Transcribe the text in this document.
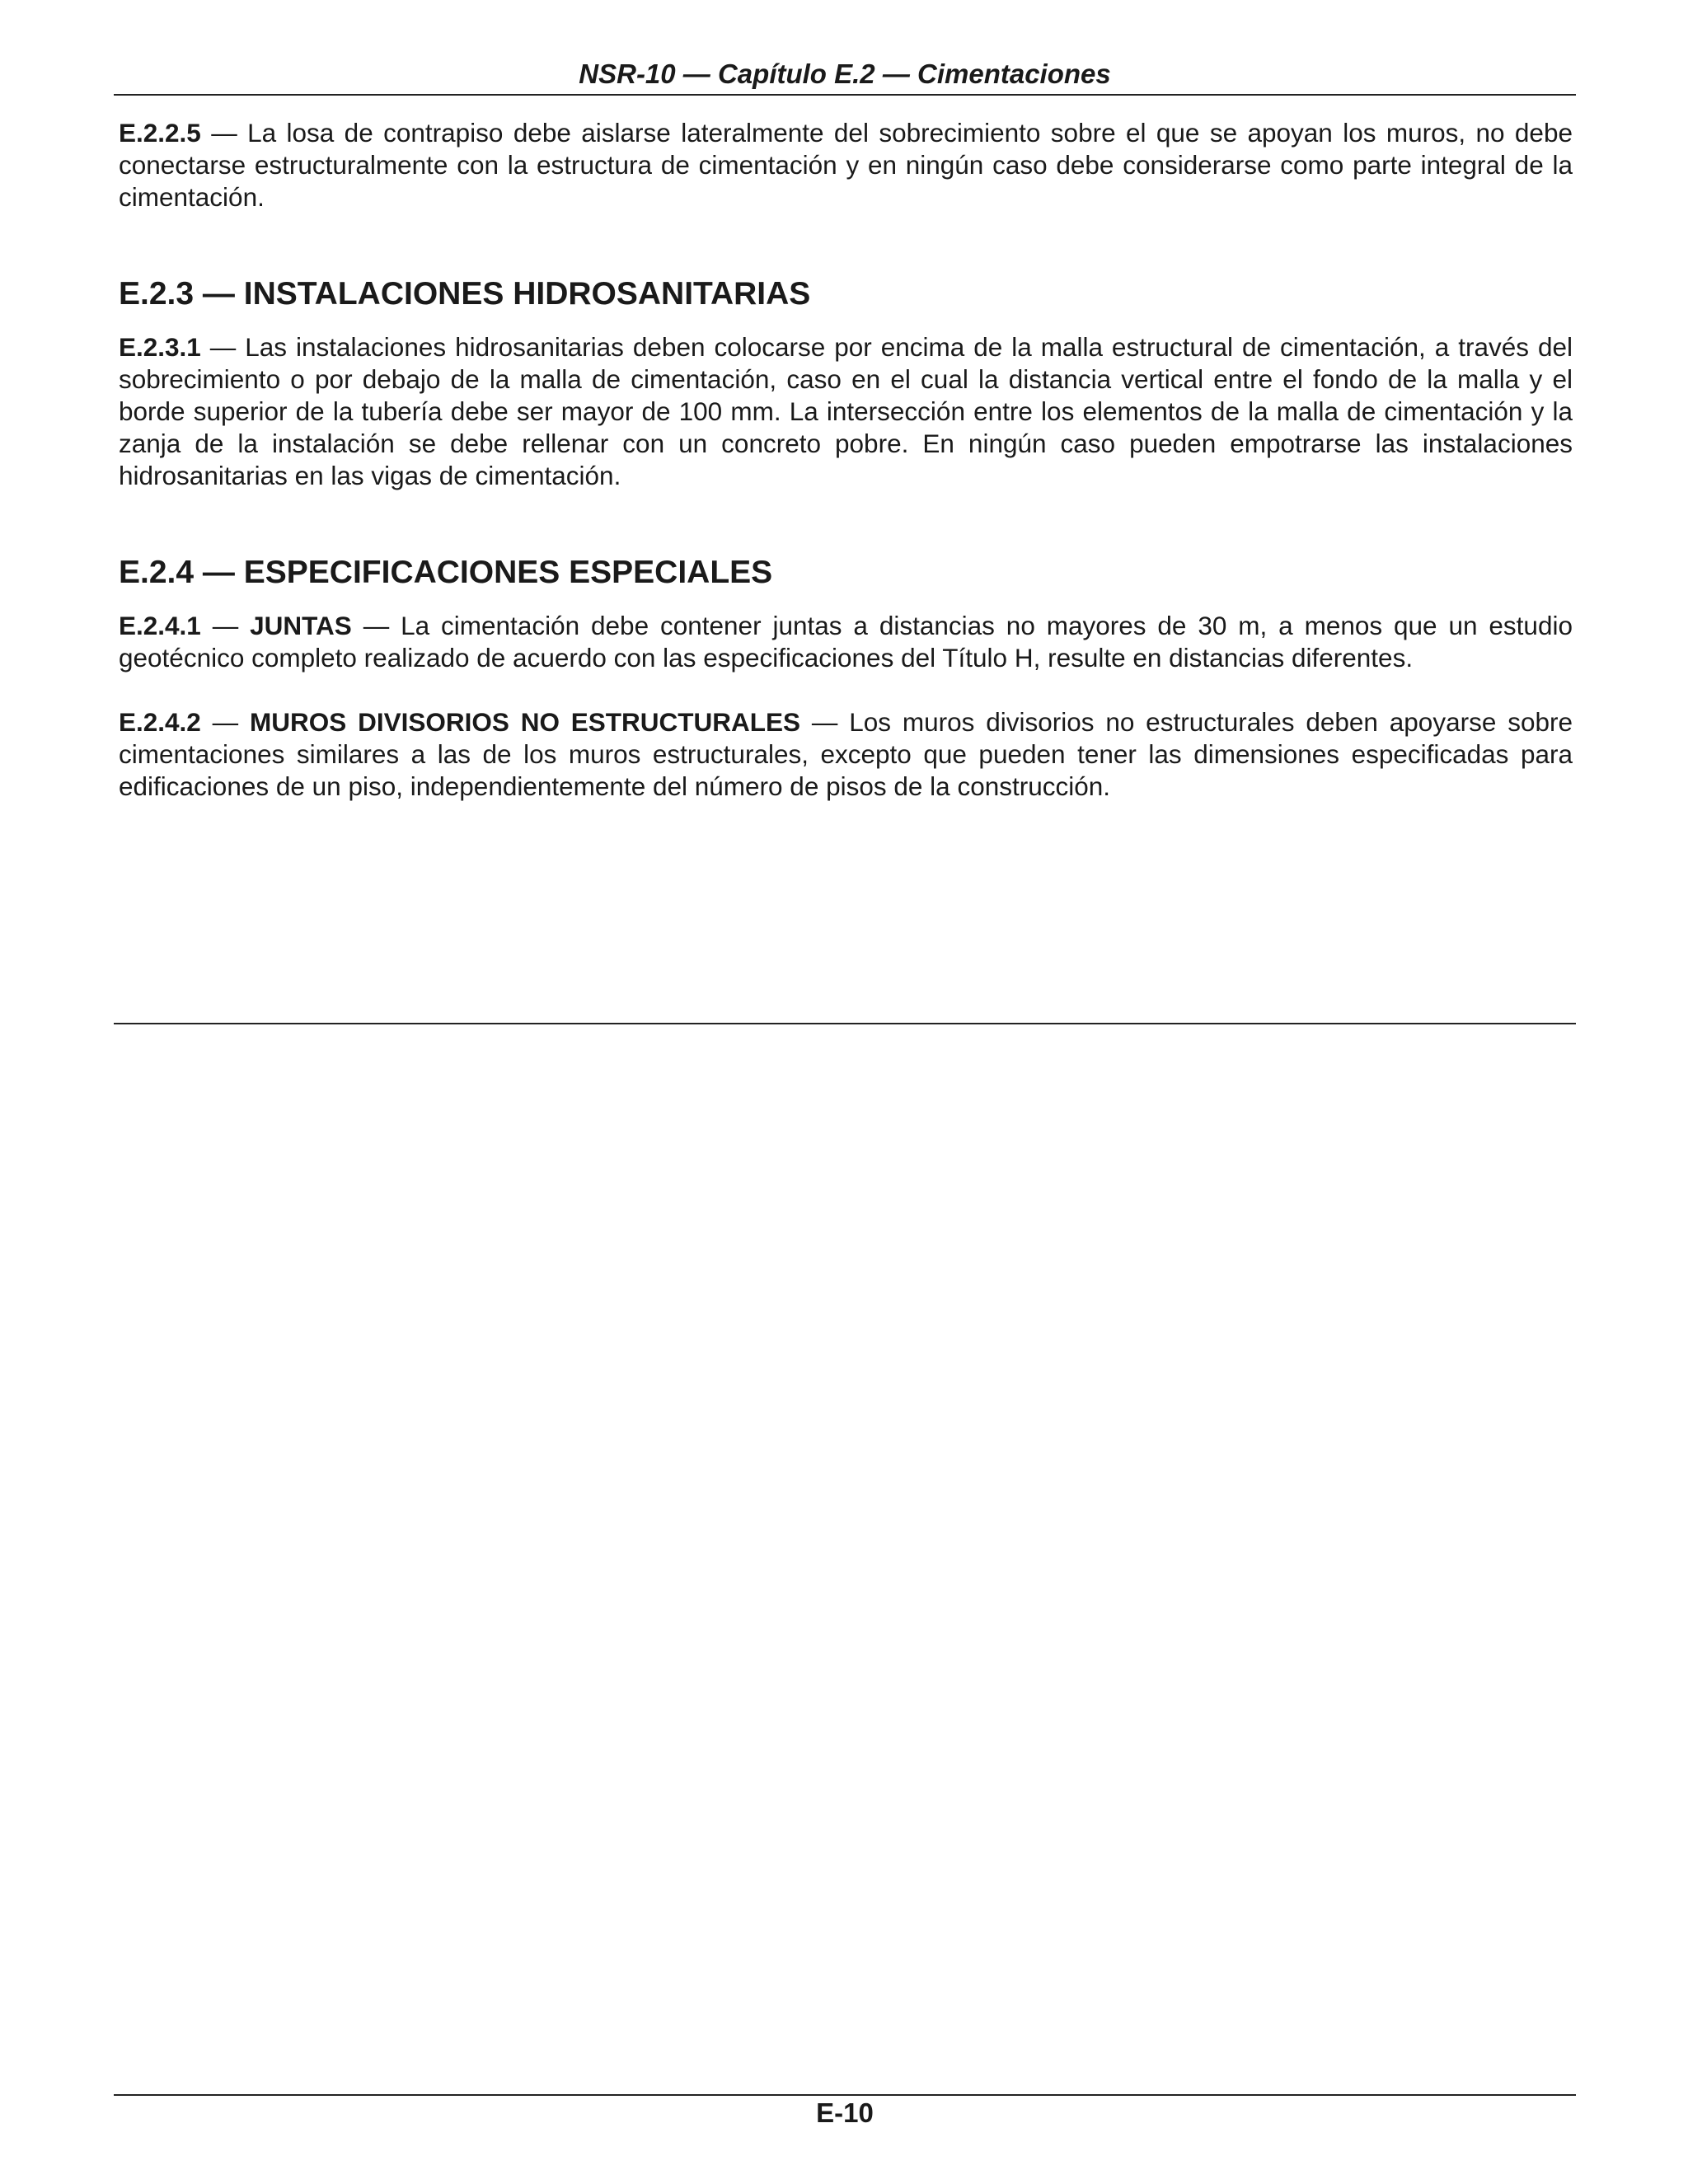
NSR-10 — Capítulo E.2 — Cimentaciones

E.2.2.5 — La losa de contrapiso debe aislarse lateralmente del sobrecimiento sobre el que se apoyan los muros, no debe conectarse estructuralmente con la estructura de cimentación y en ningún caso debe considerarse como parte integral de la cimentación.

E.2.3 — INSTALACIONES HIDROSANITARIAS

E.2.3.1 — Las instalaciones hidrosanitarias deben colocarse por encima de la malla estructural de cimentación, a través del sobrecimiento o por debajo de la malla de cimentación, caso en el cual la distancia vertical entre el fondo de la malla y el borde superior de la tubería debe ser mayor de 100 mm. La intersección entre los elementos de la malla de cimentación y la zanja de la instalación se debe rellenar con un concreto pobre. En ningún caso pueden empotrarse las instalaciones hidrosanitarias en las vigas de cimentación.

E.2.4 — ESPECIFICACIONES ESPECIALES

E.2.4.1 — JUNTAS — La cimentación debe contener juntas a distancias no mayores de 30 m, a menos que un estudio geotécnico completo realizado de acuerdo con las especificaciones del Título H, resulte en distancias diferentes.

E.2.4.2 — MUROS DIVISORIOS NO ESTRUCTURALES — Los muros divisorios no estructurales deben apoyarse sobre cimentaciones similares a las de los muros estructurales, excepto que pueden tener las dimensiones especificadas para edificaciones de un piso, independientemente del número de pisos de la construcción.

E-10
